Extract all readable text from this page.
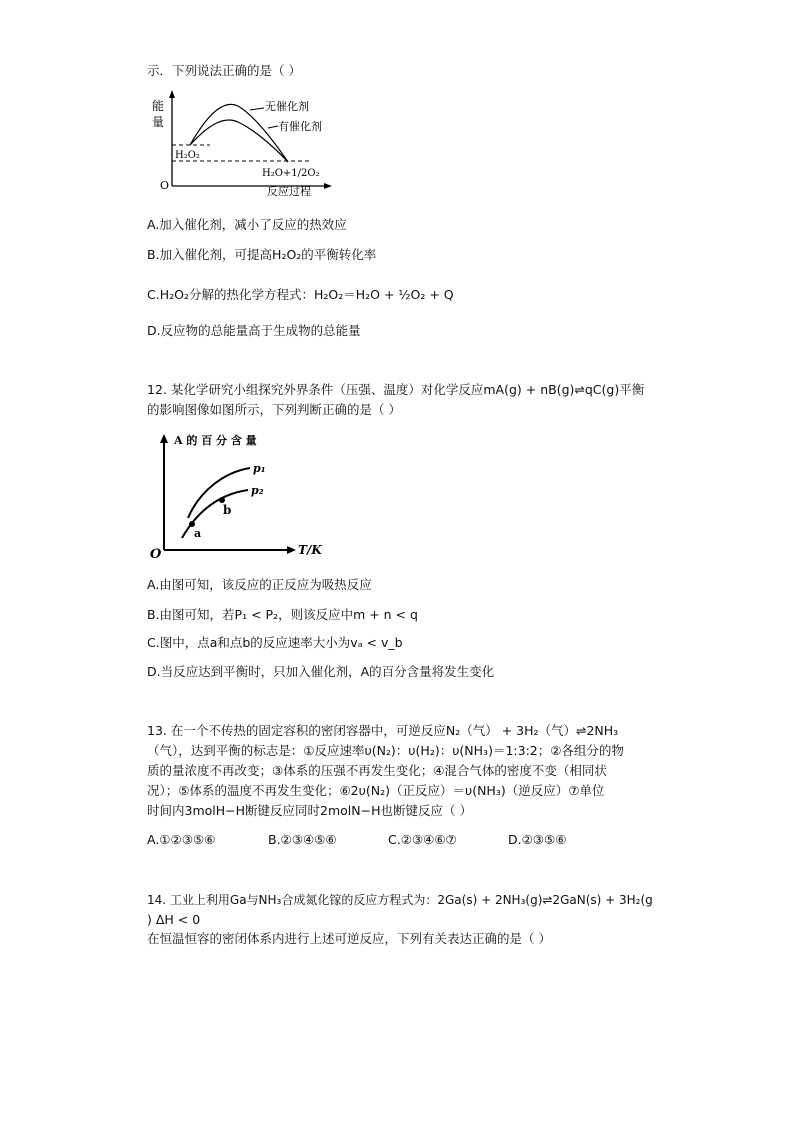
示．下列说法正确的是（ ）
能
量
O	反应过程
H₂O₂
H₂O+1/2O₂
无催化剂
有催化剂
A.加入催化剂，减小了反应的热效应
B.加入催化剂，可提高H₂O₂的平衡转化率
C.H₂O₂分解的热化学方程式：H₂O₂＝H₂O + ½O₂ + Q
D.反应物的总能量高于生成物的总能量
12. 某化学研究小组探究外界条件（压强、温度）对化学反应mA(g) + nB(g)⇌qC(g)平衡
的影响图像如图所示，下列判断正确的是（ ）
A 的 百 分 含 量
T/K
O
p₁
p₂
a
b
A.由图可知，该反应的正反应为吸热反应
B.由图可知，若P₁ < P₂，则该反应中m + n < q
C.图中，点a和点b的反应速率大小为vₐ < v_b
D.当反应达到平衡时，只加入催化剂，A的百分含量将发生变化
13. 在一个不传热的固定容积的密闭容器中，可逆反应N₂（气） + 3H₂（气）⇌2NH₃
（气），达到平衡的标志是：①反应速率υ(N₂)：υ(H₂)：υ(NH₃)＝1:3:2；②各组分的物
质的量浓度不再改变；③体系的压强不再发生变化；④混合气体的密度不变（相同状
况）；⑤体系的温度不再发生变化；⑥2υ(N₂)（正反应）＝υ(NH₃)（逆反应）⑦单位
时间内3molH−H断键反应同时2molN−H也断键反应（ ）
A.①②③⑤⑥	B.②③④⑤⑥	C.②③④⑥⑦	D.②③⑤⑥
14. 工业上利用Ga与NH₃合成氮化镓的反应方程式为：2Ga(s) + 2NH₃(g)⇌2GaN(s) + 3H₂(g
) ΔH < 0
在恒温恒容的密闭体系内进行上述可逆反应，下列有关表达正确的是（ ）
